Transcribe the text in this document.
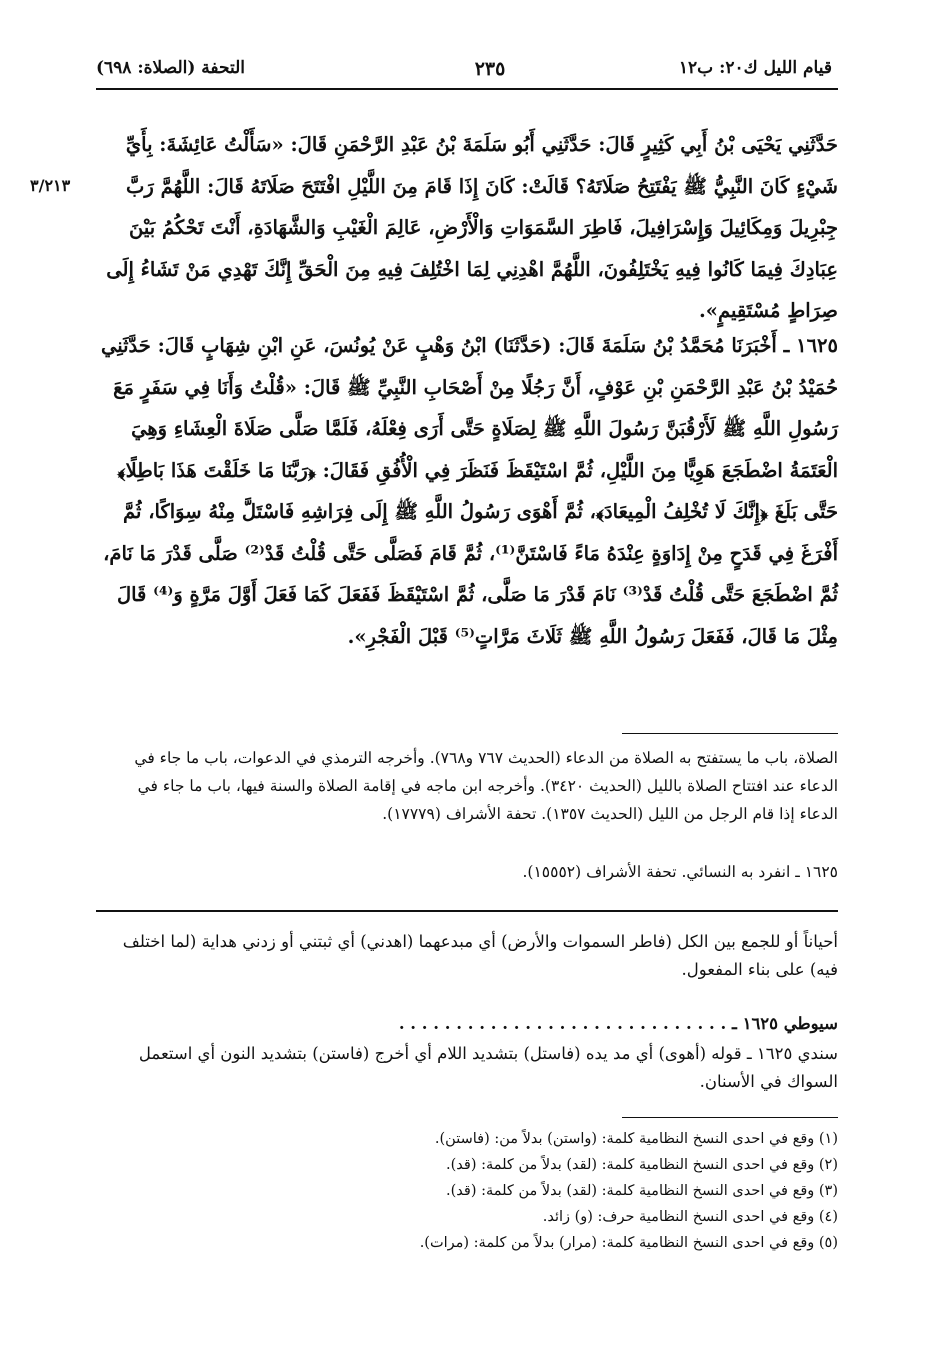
قيام الليل ك٢٠: ب١٢
٢٣٥
التحفة (الصلاة: ٦٩٨)
٣/٢١٣
حَدَّثَنِي يَحْيَى بْنُ أَبِي كَثِيرٍ قَالَ: حَدَّثَنِي أَبُو سَلَمَةَ بْنُ عَبْدِ الرَّحْمَنِ قَالَ: «سَأَلْتُ عَائِشَةَ: بِأَيِّ شَيْءٍ كَانَ النَّبِيُّ ﷺ يَفْتَتِحُ صَلَاتَهُ؟ قَالَتْ: كَانَ إِذَا قَامَ مِنَ اللَّيْلِ افْتَتَحَ صَلَاتَهُ قَالَ: اللَّهُمَّ رَبَّ جِبْرِيلَ وَمِكَائِيلَ وَإِسْرَافِيلَ، فَاطِرَ السَّمَوَاتِ وَالْأَرْضِ، عَالِمَ الْغَيْبِ وَالشَّهَادَةِ، أَنْتَ تَحْكُمُ بَيْنَ عِبَادِكَ فِيمَا كَانُوا فِيهِ يَخْتَلِفُونَ، اللَّهُمَّ اهْدِنِي لِمَا اخْتُلِفَ فِيهِ مِنَ الْحَقِّ إِنَّكَ تَهْدِي مَنْ تَشَاءُ إِلَى صِرَاطٍ مُسْتَقِيمٍ».
١٦٢٥ ـ أَخْبَرَنَا مُحَمَّدُ بْنُ سَلَمَةَ قَالَ: (حَدَّثَنَا) ابْنُ وَهْبٍ عَنْ يُونُسَ، عَنِ ابْنِ شِهَابٍ قَالَ: حَدَّثَنِي حُمَيْدُ بْنُ عَبْدِ الرَّحْمَنِ بْنِ عَوْفٍ، أَنَّ رَجُلًا مِنْ أَصْحَابِ النَّبِيِّ ﷺ قَالَ: «قُلْتُ وَأَنَا فِي سَفَرٍ مَعَ رَسُولِ اللَّهِ ﷺ لَأَرْقُبَنَّ رَسُولَ اللَّهِ ﷺ لِصَلَاةٍ حَتَّى أَرَى فِعْلَهُ، فَلَمَّا صَلَّى صَلَاةَ الْعِشَاءِ وَهِيَ الْعَتَمَةُ اضْطَجَعَ هَوِيًّا مِنَ اللَّيْلِ، ثُمَّ اسْتَيْقَظَ فَنَظَرَ فِي الْأُفُقِ فَقَالَ: ﴿رَبَّنَا مَا خَلَقْتَ هَذَا بَاطِلًا﴾ حَتَّى بَلَغَ ﴿إِنَّكَ لَا تُخْلِفُ الْمِيعَادَ﴾، ثُمَّ أَهْوَى رَسُولُ اللَّهِ ﷺ إِلَى فِرَاشِهِ فَاسْتَلَّ مِنْهُ سِوَاكًا، ثُمَّ أَفْرَغَ فِي قَدَحٍ مِنْ إِدَاوَةٍ عِنْدَهُ مَاءً فَاسْتَنَّ⁽¹⁾، ثُمَّ قَامَ فَصَلَّى حَتَّى قُلْتُ قَدْ⁽²⁾ صَلَّى قَدْرَ مَا نَامَ، ثُمَّ اضْطَجَعَ حَتَّى قُلْتُ قَدْ⁽³⁾ نَامَ قَدْرَ مَا صَلَّى، ثُمَّ اسْتَيْقَظَ فَفَعَلَ كَمَا فَعَلَ أَوَّلَ مَرَّةٍ وَ⁽⁴⁾ قَالَ مِثْلَ مَا قَالَ، فَفَعَلَ رَسُولُ اللَّهِ ﷺ ثَلَاثَ مَرَّاتٍ⁽⁵⁾ قَبْلَ الْفَجْرِ».
الصلاة، باب ما يستفتح به الصلاة من الدعاء (الحديث ٧٦٧ و٧٦٨). وأخرجه الترمذي في الدعوات، باب ما جاء في الدعاء عند افتتاح الصلاة بالليل (الحديث ٣٤٢٠). وأخرجه ابن ماجه في إقامة الصلاة والسنة فيها، باب ما جاء في الدعاء إذا قام الرجل من الليل (الحديث ١٣٥٧). تحفة الأشراف (١٧٧٧٩).
١٦٢٥ ـ انفرد به النسائي. تحفة الأشراف (١٥٥٥٢).
أحياناً أو للجمع بين الكل (فاطر السموات والأرض) أي مبدعهما (اهدني) أي ثبتني أو زدني هداية (لما اختلف فيه) على بناء المفعول.
سيوطي ١٦٢٥ ـ . . . . . . . . . . . . . . . . . . . . . . . . . . . . .
سندي ١٦٢٥ ـ قوله (أهوى) أي مد يده (فاستل) بتشديد اللام أي أخرج (فاستن) بتشديد النون أي استعمل السواك في الأسنان.
(١) وقع في احدى النسخ النظامية كلمة: (واستن) بدلاً من: (فاستن).
(٢) وقع في احدى النسخ النظامية كلمة: (لقد) بدلاً من كلمة: (قد).
(٣) وقع في احدى النسخ النظامية كلمة: (لقد) بدلاً من كلمة: (قد).
(٤) وقع في احدى النسخ النظامية حرف: (و) زائد.
(٥) وقع في احدى النسخ النظامية كلمة: (مرار) بدلاً من كلمة: (مرات).
